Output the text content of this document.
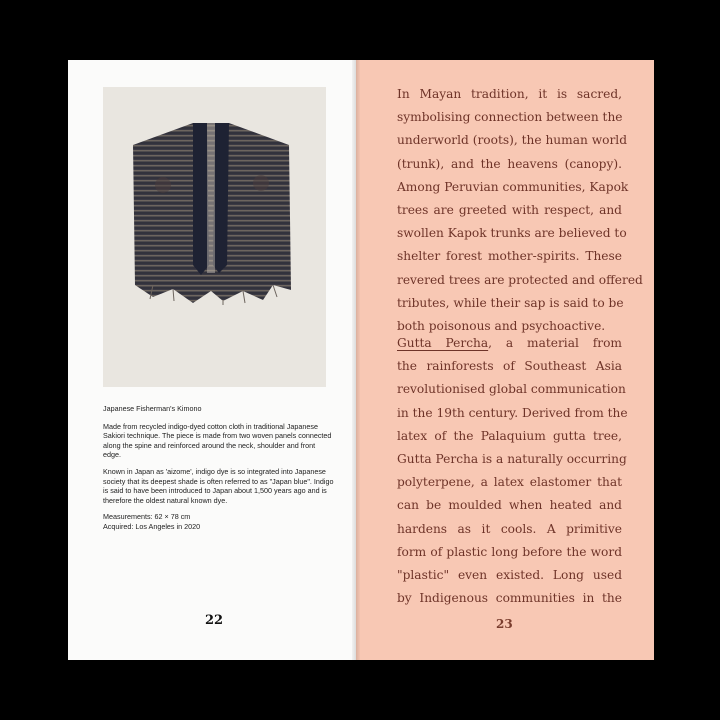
Japanese Fisherman's Kimono

Made from recycled indigo-dyed cotton cloth in traditional Japanese Sakiori technique. The piece is made from two woven panels connected along the spine and reinforced around the neck, shoulder and front edge.

Known in Japan as 'aizome', indigo dye is so integrated into Japanese society that its deepest shade is often referred to as "Japan blue". Indigo is said to have been introduced to Japan about 1,500 years ago and is therefore the oldest natural known dye.

Measurements: 62 × 78 cm

Acquired: Los Angeles in 2020

22
In Mayan tradition, it is sacred,
symbolising connection between the
underworld (roots), the human world
(trunk), and the heavens (canopy).
Among Peruvian communities, Kapok
trees are greeted with respect, and
swollen Kapok trunks are believed to
shelter forest mother-spirits. These
revered trees are protected and offered
tributes, while their sap is said to be
both poisonous and psychoactive.
Gutta Percha, a material from
the rainforests of Southeast Asia
revolutionised global communication
in the 19th century. Derived from the
latex of the Palaquium gutta tree,
Gutta Percha is a naturally occurring
polyterpene, a latex elastomer that
can be moulded when heated and
hardens as it cools. A primitive
form of plastic long before the word
"plastic" even existed. Long used
by Indigenous communities in the
23
